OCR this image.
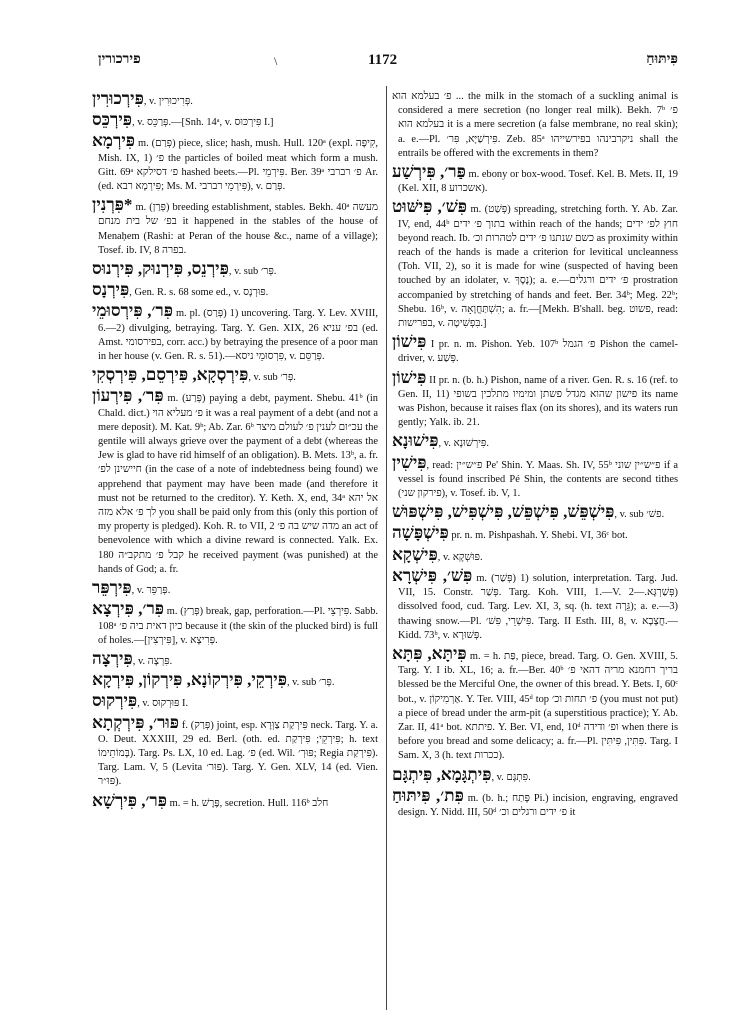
פירכורין	\	1172	פִּיתּוּחַ
פִּירְכוּרִין, v. פְּרִיכוּרִין.
פִּירְכֵּס, v. פְּרַכֵּס.—[Snh. 14ᵃ, v. פִּירְכּוּס I.]
פִּירְמָא m. (פְּרַם) piece, slice; hash, mush. Hull. 120ᵃ (expl. קִיפָּה, Mish. IX, 1) פ׳ the particles of boiled meat which form a mush. Gitt. 69ᵃ פ׳ דסילקא hashed beets.—Pl. פִּירְמֵי. Ber. 39ᵃ פ׳ רברבי Ar. (ed. פִּירְמָא רבא; Ms. M. פִּירְמֵי רברבי), v. פְּרַם.
*פִּרְנִין m. (פְּרַן) breeding establishment, stables. Bekh. 40ᵃ מעשה בפ׳ של בית מנחם it happened in the stables of the house of Menaḥem (Rashi: at Peran of the house &c., name of a village); Tosef. ib. IV, 8 בפרה.
פִּירְנֵס, פִּירְנוּק, פִּירְנוּס, v. sub פְּר׳.
פִּירְנָס, Gen. R. s. 68 some ed., v. פּוּרְנָס.
פִּר׳, פִּירְסוּמֵי m. pl. (פְּרַס) 1) uncovering. Targ. Y. Lev. XVIII, 6.—2) divulging, betraying. Targ. Y. Gen. XIX, 26 בפ׳ עניא (ed. Amst. בפירסומי, corr. acc.) by betraying the presence of a poor man in her house (v. Gen. R. s. 51).—פִּרְסוּמֵי ניסא, v. פְּרַסֵּם.
פִּירְסְקָא, פִּירְסֵם, פִּירְסְקִי, v. sub פְּר׳.
פִּר׳, פִּירְעוֹן m. (פְּרַע) paying a debt, payment. Shebu. 41ᵇ (in Chald. dict.) פ׳ מעליא הוי it was a real payment of a debt (and not a mere deposit). M. Kat. 9ᵇ; Ab. Zar. 6ᵇ עכ״ום לענין פ׳ לעולם מיצר the gentile will always grieve over the payment of a debt (whereas the Jew is glad to have rid himself of an obligation). B. Mets. 13ᵇ, a. fr. חיישינן לפ׳ (in the case of a note of indebtedness being found) we apprehend that payment may have been made (and therefore it must not be returned to the creditor). Y. Keth. X, end, 34ᵃ אל יהא לך פ׳ אלא מזה you shall be paid only from this (only this portion of my property is pledged). Koh. R. to VII, 2 מדה שיש בה פ׳ an act of benevolence with which a divine reward is connected. Yalk. Ex. 180 קבל פ׳ מתקב״ה he received payment (was punished) at the hands of God; a. fr.
פִּירְפֵּר, v. פְּרַפֵּר.
פִּר׳, פִּירְצָא m. (פְּרַץ) break, gap, perforation.—Pl. פִּירְצֵי. Sabb. 108ᵃ כיון דאית ביה פ׳ because it (the skin of the plucked bird) is full of holes.—[פִּירְצִין], v. פְּרִיצָא.
פִּירְצָה, v. פִּרְצָה.
פִּירְקֵי, פִּירְקוֹנָא, פִּירְקוֹן, פִּירְקָא, v. sub פְּר׳.
פִּירְקוּס, v. פּוּרְקוּס I.
פּוּר׳, פִּירְקְתָא f. (פְּרַק) joint, esp. פִּירְקַת צַוְּרָא neck. Targ. Y. a. O. Deut. XXXIII, 29 ed. Berl. (oth. ed. פִּירְקֵי; פִּירְקַת; h. text בָּמוֹתֵימוֹ). Targ. Ps. LX, 10 ed. Lag. פ׳ (ed. Wil. פּוּרְ׳; Regia פִּירְקַת). Targ. Lam. V, 5 (Levita פּוּר׳). Targ. Y. Gen. XLV, 14 (ed. Vien. פּוּ״ר).
פִּר׳, פִּירְשָׁא m. = h. פֶּרֶשׁ, secretion. Hull. 116ᵇ חלב
פ׳ בעלמא הוא ... the milk in the stomach of a suckling animal is considered a mere secretion (no longer real milk). Bekh. 7ᵇ פ׳ בעלמא הוא it is a mere secretion (a false membrane, no real skin); a. e.—Pl. פִּירְשַׁיָּא, פִּר׳. Zeb. 85ᵃ ניקרבינהו בפירשייהו shall the entrails be offered with the excrements in them?
פַּר׳, פִּירְשַׁע m. ebony or box-wood. Tosef. Kel. B. Mets. II, 19 (Kel. XII, 8 אשכרוע).
פִּשׁ׳, פִּישּׁוּט m. (פְּשַׁט) spreading, stretching forth. Y. Ab. Zar. IV, end, 44ᵇ בתוך פ׳ ידים within reach of the hands; חוץ לפ׳ ידים beyond reach. Ib. כשם שנתנו פ׳ ידים לטהרות וכ׳ as proximity within reach of the hands is made a criterion for levitical uncleanness (Toh. VII, 2), so it is made for wine (suspected of having been touched by an idolater, v. נֶסֶךְ); a. e.—פ׳ ידים ורגלים prostration accompanied by stretching of hands and feet. Ber. 34ᵇ; Meg. 22ᵇ; Shebu. 16ᵇ, v. הִשְׁתַּחֲוָאָה; a. fr.—[Mekh. B'shall. beg. פשוט, read: בפרישות, v. בִּפְשִׁיטָה.]
פִּישׁוֹן I pr. n. m. Pishon. Yeb. 107ᵇ פ׳ הגמל Pishon the camel-driver, v. פְּשַׁע.
פִּישׁוֹן II pr. n. (b. h.) Pishon, name of a river. Gen. R. s. 16 (ref. to Gen. II, 11) פישון שהוא מגדל פשתן ומימיו מתלכין בשופי its name was Pishon, because it raises flax (on its shores), and its waters run gently; Yalk. ib. 21.
פִּישׁוּנָא, v. פִּירְשׁוּנָא.
פִּישִׁין, read: פ״ש״ין Pe' Shin. Y. Maas. Sh. IV, 55ᵇ פ״ש״ין שוני if a vessel is found inscribed Pé Shin, the contents are second tithes (פירקון שני), v. Tosef. ib. V, 1.
פִּישְׁפֵּשׁ, פִּישְׁפֵּשׁ, פִּישְׁפִּישׁ, פִּישְׁפּוּשׁ, v. sub פשׁ׳.
פִּישְׁפָּשָׁה pr. n. m. Pishpashah. Y. Shebi. VI, 36ᶜ bot.
פִּישְׁקָא, v. פּוּשְׁקָא.
פִּשׁ׳, פִּישְׁרָא m. (פְּשַׁר) 1) solution, interpretation. Targ. Jud. VII, 15. Constr. פְּשַׁר. Targ. Koh. VIII, 1.—V. פְּשַׁרְגָּא.—2) dissolved food, cud. Targ. Lev. XI, 3, sq. (h. text גֵּרָה); a. e.—3) thawing snow.—Pl. פִּישְׁרֵי, פִּשׁ׳. Targ. II Esth. III, 8, v. חֲצָבָא.—Kidd. 73ᵇ, v. פְּשׁוּרָא.
פִּיתָּא, פִּתָּא m. = h. פַּת, piece, bread. Targ. O. Gen. XVIII, 5. Targ. Y. I ib. XL, 16; a. fr.—Ber. 40ᵇ בריך רחמנא מריה דהאי פ׳ blessed be the Merciful One, the owner of this bread. Y. Bets. I, 60ᶜ bot., v. אַרְמִיקוֹן. Y. Ter. VIII, 45ᵈ top פ׳ תחות וכ׳ (you must not put) a piece of bread under the arm-pit (a superstitious practice); Y. Ab. Zar. II, 41ᵃ bot. פיתתא. Y. Ber. VI, end, 10ᵈ ופ׳ ודידה when there is before you bread and some delicacy; a. fr.—Pl. פִּתִּין, פִּיתִּין. Targ. I Sam. X, 3 (h. text ככרות).
פִּיתְגָּמָא, פִּיתְגָּם, v. פִּתְגָּם.
פִּת׳, פִּיתּוּחַ m. (b. h.; פָּתַח Pi.) incision, engraving, engraved design. Y. Nidd. III, 50ᵈ פ׳ ידים ורגלים וכ׳ it
